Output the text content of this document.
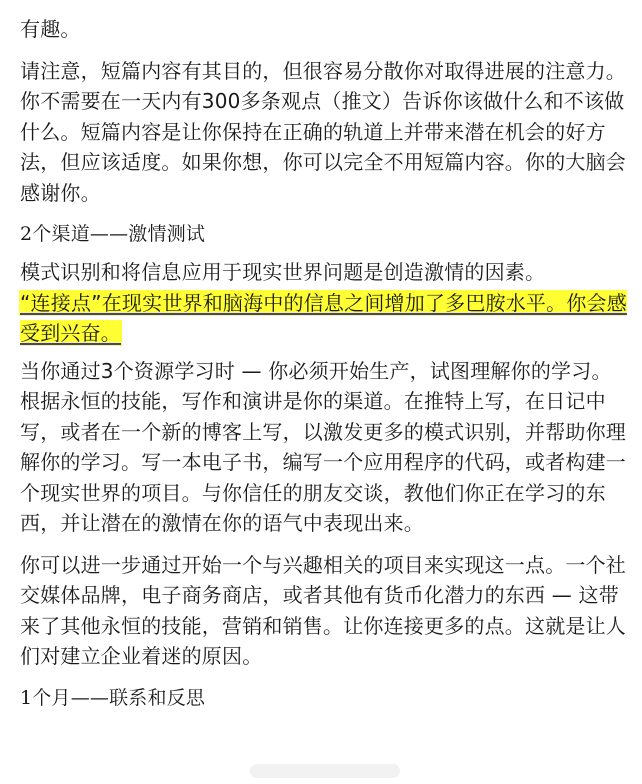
有趣。

请注意，短篇内容有其目的，但很容易分散你对取得进展的注意力。你不需要在一天内有300多条观点（推文）告诉你该做什么和不该做什么。短篇内容是让你保持在正确的轨道上并带来潜在机会的好方法，但应该适度。如果你想，你可以完全不用短篇内容。你的大脑会感谢你。

2个渠道——激情测试

模式识别和将信息应用于现实世界问题是创造激情的因素。
“连接点”在现实世界和脑海中的信息之间增加了多巴胺水平。你会感受到兴奋。

当你通过3个资源学习时 — 你必须开始生产，试图理解你的学习。根据永恒的技能，写作和演讲是你的渠道。在推特上写，在日记中写，或者在一个新的博客上写，以激发更多的模式识别，并帮助你理解你的学习。写一本电子书，编写一个应用程序的代码，或者构建一个现实世界的项目。与你信任的朋友交谈，教他们你正在学习的东西，并让潜在的激情在你的语气中表现出来。

你可以进一步通过开始一个与兴趣相关的项目来实现这一点。一个社交媒体品牌，电子商务商店，或者其他有货币化潜力的东西 — 这带来了其他永恒的技能，营销和销售。让你连接更多的点。这就是让人们对建立企业着迷的原因。

1个月——联系和反思
